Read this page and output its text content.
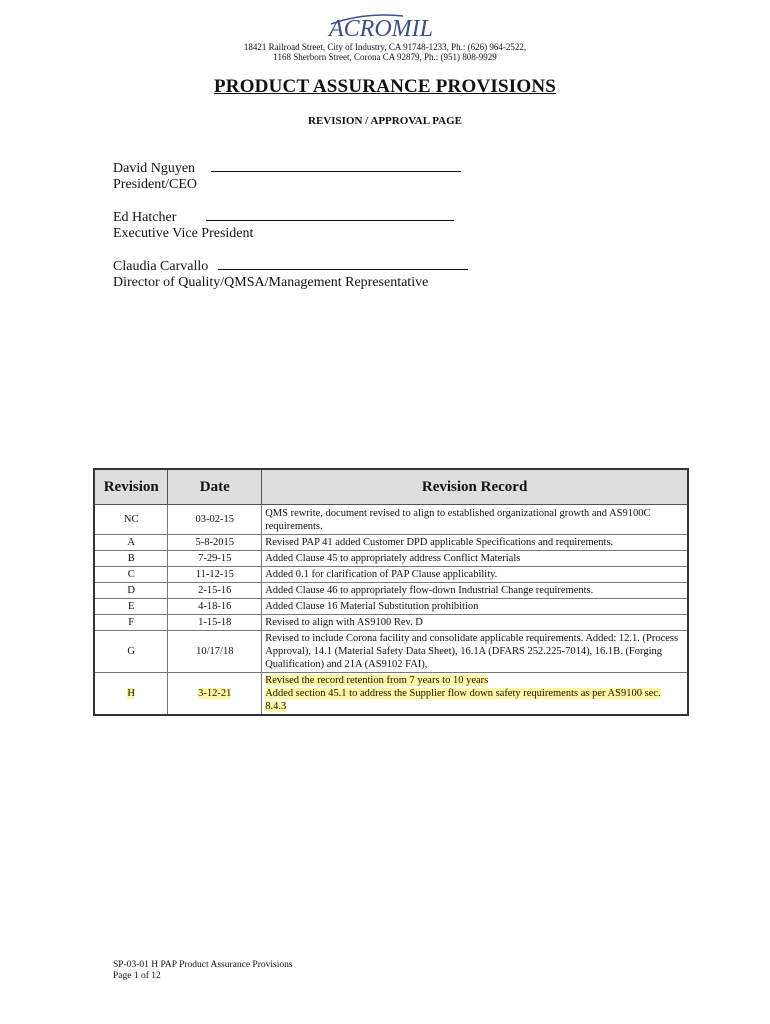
ACROMIL
18421 Railroad Street, City of Industry, CA 91748-1233, Ph.: (626) 964-2522,
1168 Sherborn Street, Corona CA 92879, Ph.: (951) 808-9929
PRODUCT ASSURANCE PROVISIONS
REVISION / APPROVAL PAGE
David Nguyen
President/CEO
Ed Hatcher
Executive Vice President
Claudia Carvallo
Director of Quality/QMSA/Management Representative
Revision	Date	Revision Record
NC	03-02-15	QMS rewrite, document revised to align to established organizational growth and AS9100C requirements.
A	5-8-2015	Revised PAP 41 added Customer DPD applicable Specifications and requirements.
B	7-29-15	Added Clause 45 to appropriately address Conflict Materials
C	11-12-15	Added 0.1 for clarification of PAP Clause applicability.
D	2-15-16	Added Clause 46 to appropriately flow-down Industrial Change requirements.
E	4-18-16	Added Clause 16 Material Substitution prohibition
F	1-15-18	Revised to align with AS9100 Rev. D
G	10/17/18	Revised to include Corona facility and consolidate applicable requirements. Added: 12.1. (Process Approval), 14.1 (Material Safety Data Sheet), 16.1A (DFARS 252.225-7014), 16.1B. (Forging Qualification) and 21A (AS9102 FAI),
H	3-12-21	Revised the record retention from 7 years to 10 years
Added section 45.1 to address the Supplier flow down safety requirements as per AS9100 sec. 8.4.3
SP-03-01 H PAP Product Assurance Provisions
Page 1 of 12
